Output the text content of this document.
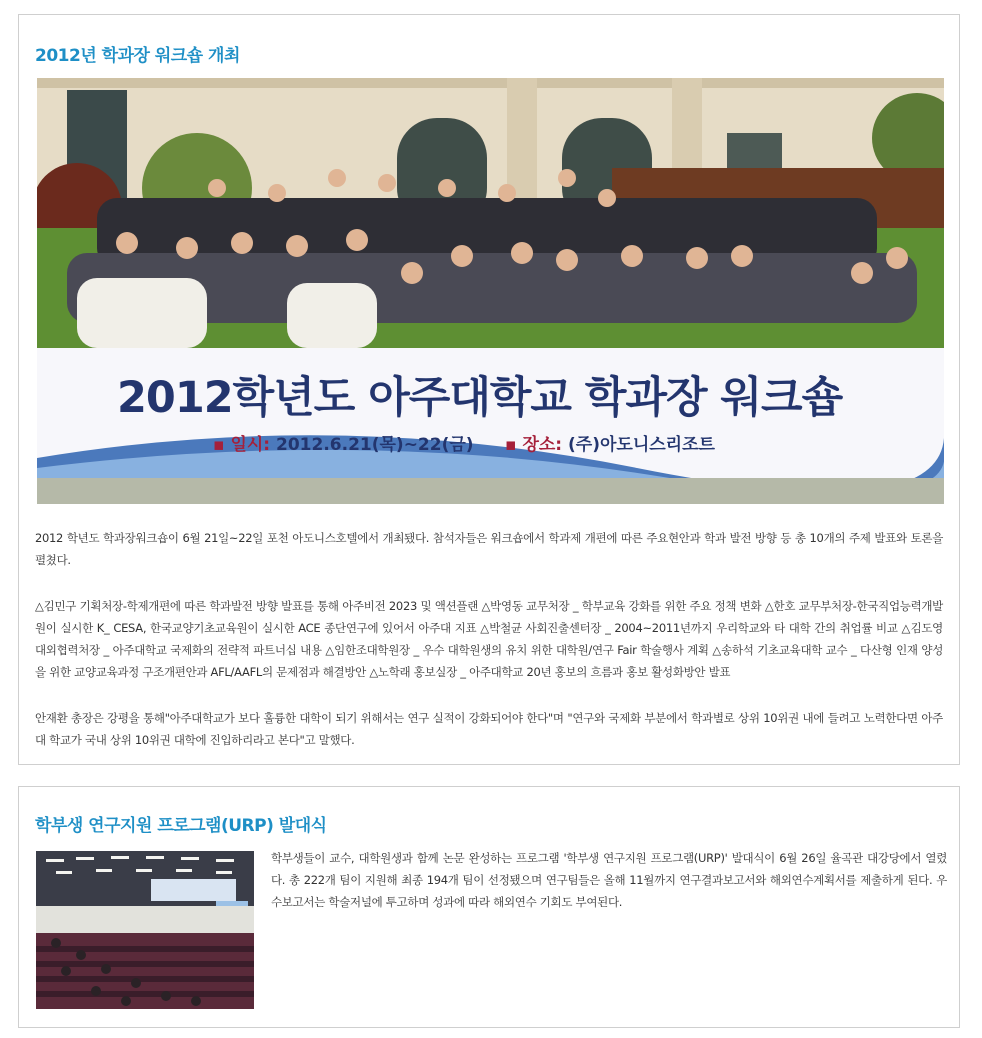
2012년 학과장 워크숍 개최
2012학년도 아주대학교 학과장 워크숍
▪ 일시: 2012.6.21(목)~22(금) ▪ 장소: (주)아도니스리조트

2012 학년도 학과장워크숍이 6월 21일~22일 포천 아도니스호텔에서 개최됐다. 참석자들은 워크숍에서 학과제 개편에 따른 주요현안과 학과 발전 방향 등 총 10개의 주제 발표와 토론을 펼쳤다.

△김민구 기획처장-학제개편에 따른 학과발전 방향 발표를 통해 아주비전 2023 및 액션플랜 △박영동 교무처장 _ 학부교육 강화를 위한 주요 정책 변화 △한호 교무부처장-한국직업능력개발원이 실시한 K_ CESA, 한국교양기초교육원이 실시한 ACE 종단연구에 있어서 아주대 지표 △박철균 사회진출센터장 _ 2004~2011년까지 우리학교와 타 대학 간의 취업률 비교 △김도영 대외협력처장 _ 아주대학교 국제화의 전략적 파트너십 내용 △임한조대학원장 _ 우수 대학원생의 유치 위한 대학원/연구 Fair 학술행사 계획 △송하석 기초교육대학 교수 _ 다산형 인재 양성을 위한 교양교육과정 구조개편안과 AFL/AAFL의 문제점과 해결방안 △노학래 홍보실장 _ 아주대학교 20년 홍보의 흐름과 홍보 활성화방안 발표

안재환 총장은 강평을 통해"아주대학교가 보다 훌륭한 대학이 되기 위해서는 연구 실적이 강화되어야 한다"며 "연구와 국제화 부분에서 학과별로 상위 10위권 내에 들려고 노력한다면 아주대 학교가 국내 상위 10위권 대학에 진입하리라고 본다"고 말했다.

학부생 연구지원 프로그램(URP) 발대식

학부생들이 교수, 대학원생과 함께 논문 완성하는 프로그램 '학부생 연구지원 프로그램(URP)' 발대식이 6월 26일 율곡관 대강당에서 열렸다. 총 222개 팀이 지원해 최종 194개 팀이 선정됐으며 연구팀들은 올해 11월까지 연구결과보고서와 해외연수계획서를 제출하게 된다. 우수보고서는 학술저널에 투고하며 성과에 따라 해외연수 기회도 부여된다.
